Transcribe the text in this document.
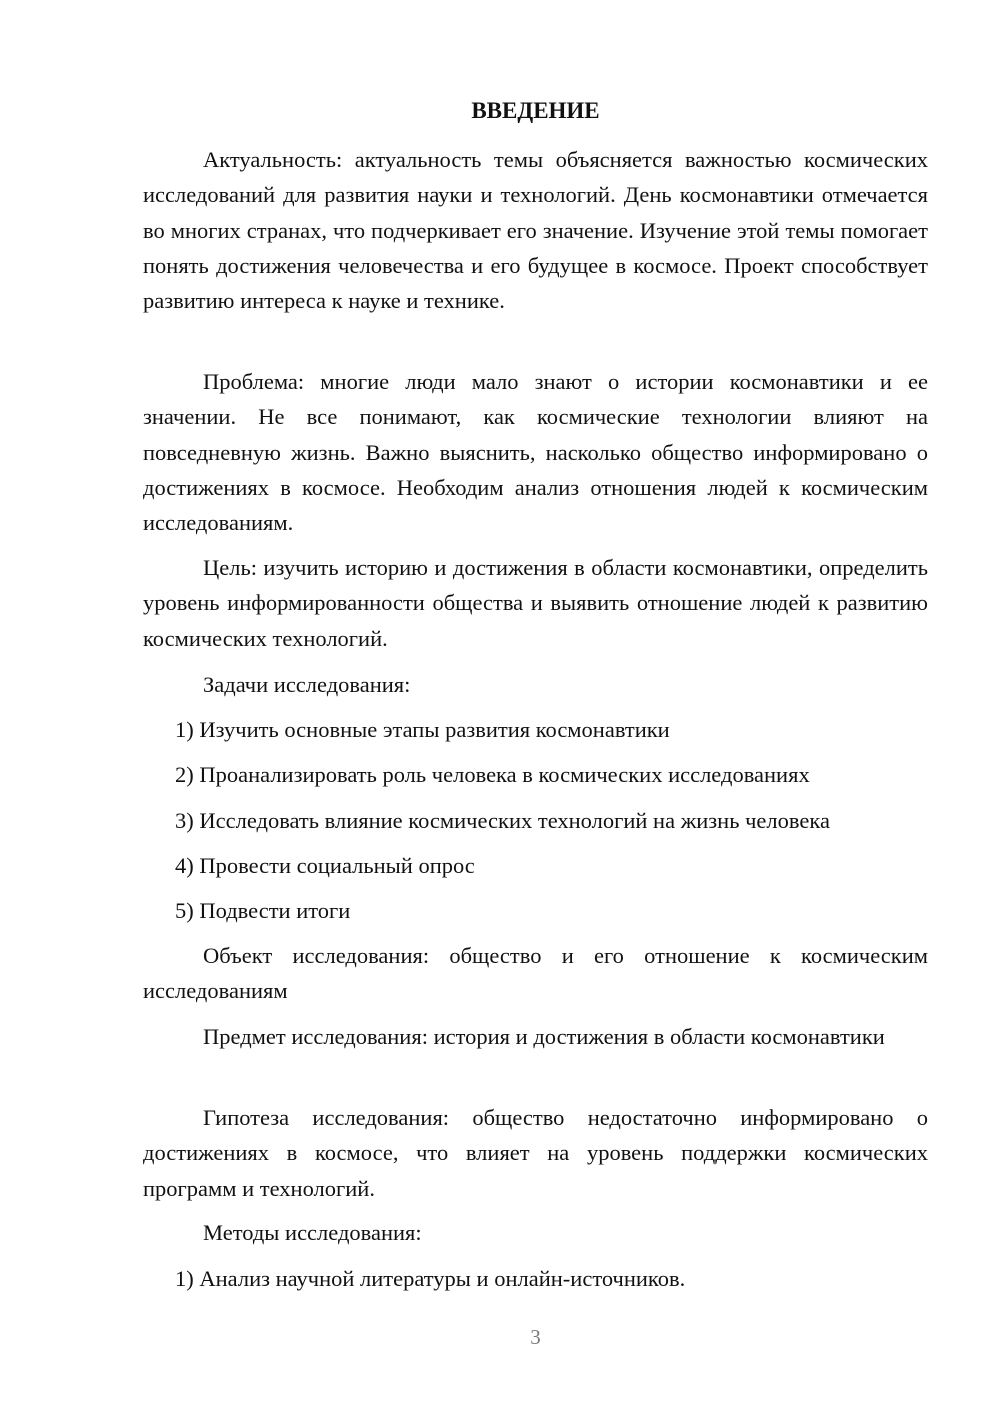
ВВЕДЕНИЕ

Актуальность: актуальность темы объясняется важностью космических исследований для развития науки и технологий. День космонавтики отмечается во многих странах, что подчеркивает его значение. Изучение этой темы помогает понять достижения человечества и его будущее в космосе. Проект способствует развитию интереса к науке и технике.

Проблема: многие люди мало знают о истории космонавтики и ее значении. Не все понимают, как космические технологии влияют на повседневную жизнь. Важно выяснить, насколько общество информировано о достижениях в космосе. Необходим анализ отношения людей к космическим исследованиям.

Цель: изучить историю и достижения в области космонавтики, определить уровень информированности общества и выявить отношение людей к развитию космических технологий.

Задачи исследования:

1) Изучить основные этапы развития космонавтики

2) Проанализировать роль человека в космических исследованиях

3) Исследовать влияние космических технологий на жизнь человека

4) Провести социальный опрос

5) Подвести итоги

Объект исследования: общество и его отношение к космическим исследованиям

Предмет исследования: история и достижения в области космонавтики

Гипотеза исследования: общество недостаточно информировано о достижениях в космосе, что влияет на уровень поддержки космических программ и технологий.

Методы исследования:

1) Анализ научной литературы и онлайн-источников.

3
